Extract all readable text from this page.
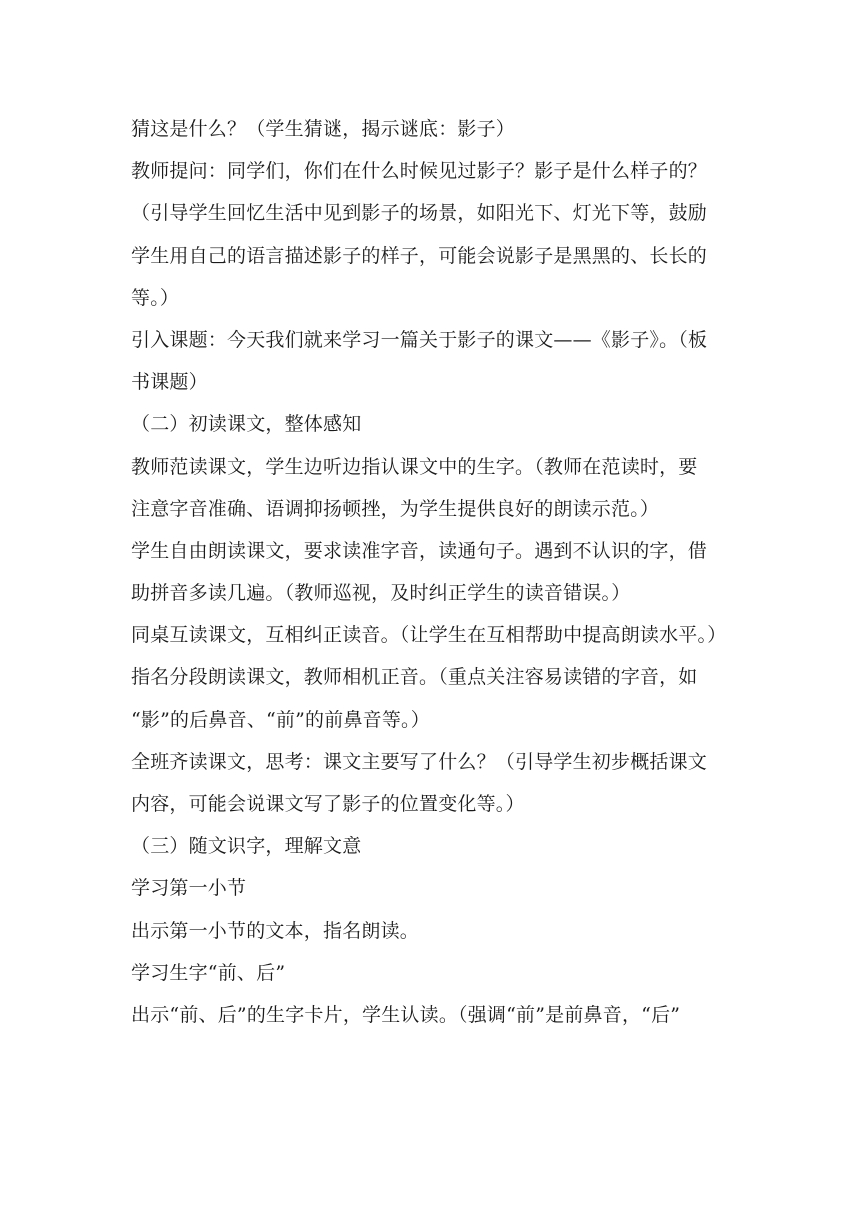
猜这是什么？（学生猜谜，揭示谜底：影子）
教师提问：同学们，你们在什么时候见过影子？影子是什么样子的？
（引导学生回忆生活中见到影子的场景，如阳光下、灯光下等，鼓励
学生用自己的语言描述影子的样子，可能会说影子是黑黑的、长长的
等。）
引入课题：今天我们就来学习一篇关于影子的课文——《影子》。（板
书课题）
（二）初读课文，整体感知
教师范读课文，学生边听边指认课文中的生字。（教师在范读时，要
注意字音准确、语调抑扬顿挫，为学生提供良好的朗读示范。）
学生自由朗读课文，要求读准字音，读通句子。遇到不认识的字，借
助拼音多读几遍。（教师巡视，及时纠正学生的读音错误。）
同桌互读课文，互相纠正读音。（让学生在互相帮助中提高朗读水平。）
指名分段朗读课文，教师相机正音。（重点关注容易读错的字音，如
“影”的后鼻音、“前”的前鼻音等。）
全班齐读课文，思考：课文主要写了什么？（引导学生初步概括课文
内容，可能会说课文写了影子的位置变化等。）
（三）随文识字，理解文意
学习第一小节
出示第一小节的文本，指名朗读。
学习生字“前、后”
出示“前、后”的生字卡片，学生认读。（强调“前”是前鼻音，“后”
